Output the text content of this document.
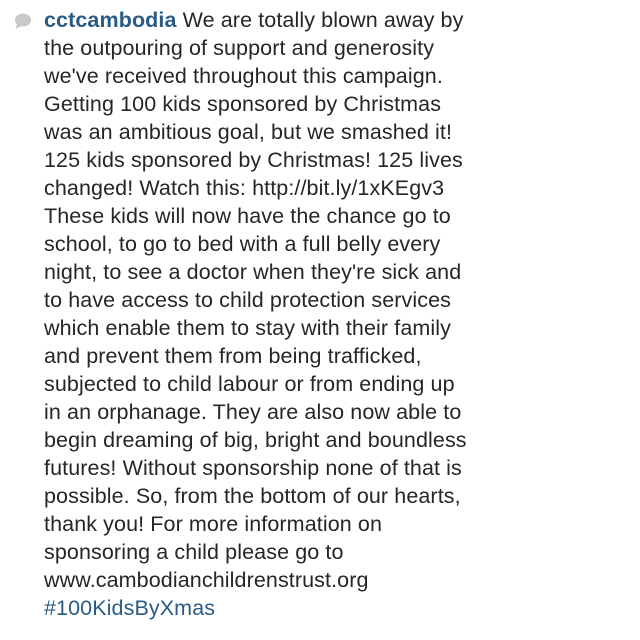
cctcambodia We are totally blown away by
the outpouring of support and generosity
we've received throughout this campaign.
Getting 100 kids sponsored by Christmas
was an ambitious goal, but we smashed it!
125 kids sponsored by Christmas! 125 lives
changed! Watch this: http://bit.ly/1xKEgv3
These kids will now have the chance go to
school, to go to bed with a full belly every
night, to see a doctor when they're sick and
to have access to child protection services
which enable them to stay with their family
and prevent them from being trafficked,
subjected to child labour or from ending up
in an orphanage. They are also now able to
begin dreaming of big, bright and boundless
futures! Without sponsorship none of that is
possible. So, from the bottom of our hearts,
thank you! For more information on
sponsoring a child please go to
www.cambodianchildrenstrust.org
#100KidsByXmas
